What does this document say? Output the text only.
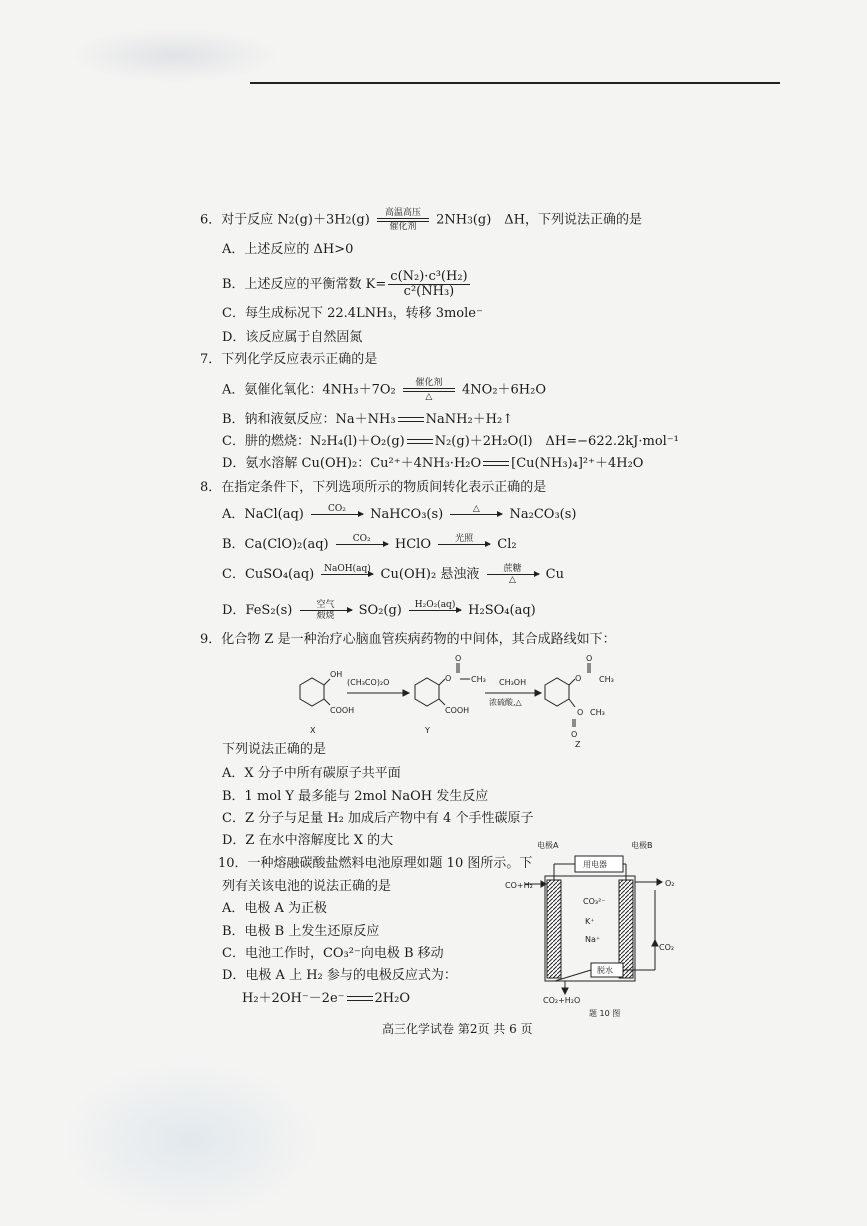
6．对于反应 N2(g)＋3H2(g) 高温高压
催化剂 2NH3(g)　ΔH，下列说法正确的是
A．上述反应的 ΔH>0
B．上述反应的平衡常数 $K= \frac{\text{c(N₂)·c³(H₂)}}{\text{c²(NH₃)}}$
C．每生成标况下 22.4LNH₃，转移 3mole⁻
D．该反应属于自然固氮
7．下列化学反应表示正确的是
A．氨催化氧化：4NH₃＋7O₂ 催化剂
△ 4NO₂＋6H₂O
B．钠和液氨反应：Na＋NH₃ NaNH₂＋H₂↑
C．肼的燃烧：N₂H₄(l)＋O₂(g) N₂(g)＋2H₂O(l)　ΔH=−622.2kJ·mol⁻¹
D．氨水溶解 Cu(OH)₂：Cu²⁺＋4NH₃·H₂O [Cu(NH₃)₄]²⁺＋4H₂O
8．在指定条件下，下列选项所示的物质间转化表示正确的是
A．NaCl(aq)	CO₂
NaHCO₃(s)	△
Na₂CO₃(s)
B．Ca(ClO)₂(aq)	CO₂
HClO	光照
Cl₂
C．CuSO₄(aq) NaOH(aq)
Cu(OH)₂ 悬浊液	蔗糖
△ Cu
D．FeS₂(s)	空气
煅烧 SO₂(g) H₂O₂(aq)
H₂SO₄(aq)
9．化合物 Z 是一种治疗心脑血管疾病药物的中间体，其合成路线如下：
OH
COOH
(CH₃CO)₂O	O
O
CH₃
COOH
CH₃OH
浓硫酸,△
O
O
CH₃
O
O
CH₃
X	Y
Z
下列说法正确的是
A．X 分子中所有碳原子共平面
B．1 mol Y 最多能与 2mol NaOH 发生反应
C．Z 分子与足量 H₂ 加成后产物中有 4 个手性碳原子
D．Z 在水中溶解度比 X 的大
10．一种熔融碳酸盐燃料电池原理如题 10 图所示。下
列有关该电池的说法正确的是
A．电极 A 为正极
B．电极 B 上发生还原反应
C．电池工作时，CO₃²⁻向电极 B 移动
D．电极 A 上 H₂ 参与的电极反应式为：
H₂＋2OH⁻－2e⁻ 2H₂O
电极A	电极B
用电器
CO+H₂	O₂
CO₂
CO₃²⁻
K⁺
Na⁺
脱水
CO₂+H₂O
题 10 图
高三化学试卷 第2页 共 6 页
